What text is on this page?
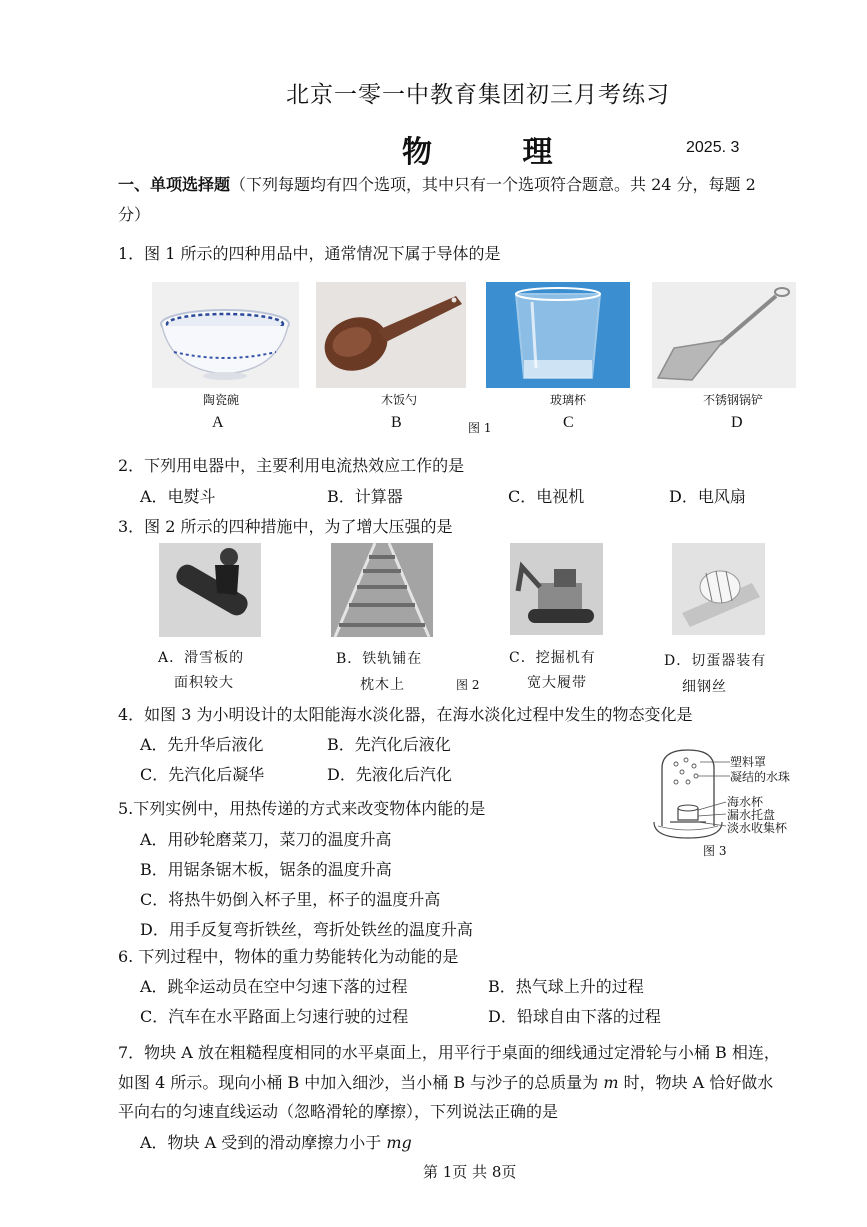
北京一零一中教育集团初三月考练习
物 理	2025. 3
一、单项选择题（下列每题均有四个选项，其中只有一个选项符合题意。共 24 分，每题 2
分）
1．图 1 所示的四种用品中，通常情况下属于导体的是
陶瓷碗	木饭勺	玻璃杯	不锈钢锅铲
A	B	图 1	C	D
2．下列用电器中，主要利用电流热效应工作的是
A．电熨斗	B．计算器	C．电视机	D．电风扇
3．图 2 所示的四种措施中，为了增大压强的是
A．滑雪板的
面积较大
B．铁轨铺在
枕木上	图 2
C．挖掘机有
宽大履带
D．切蛋器装有
细钢丝
4．如图 3 为小明设计的太阳能海水淡化器，在海水淡化过程中发生的物态变化是
A．先升华后液化	B．先汽化后液化
C．先汽化后凝华	D．先液化后汽化
塑料罩
凝结的水珠
海水杯
漏水托盘
淡水收集杯
图 3
5.下列实例中，用热传递的方式来改变物体内能的是
A．用砂轮磨菜刀，菜刀的温度升高
B．用锯条锯木板，锯条的温度升高
C．将热牛奶倒入杯子里，杯子的温度升高
D．用手反复弯折铁丝，弯折处铁丝的温度升高
6. 下列过程中，物体的重力势能转化为动能的是
A．跳伞运动员在空中匀速下落的过程	B．热气球上升的过程
C．汽车在水平路面上匀速行驶的过程	D．铅球自由下落的过程
7．物块 A 放在粗糙程度相同的水平桌面上，用平行于桌面的细线通过定滑轮与小桶 B 相连，
如图 4 所示。现向小桶 B 中加入细沙，当小桶 B 与沙子的总质量为 m 时，物块 A 恰好做水
平向右的匀速直线运动（忽略滑轮的摩擦），下列说法正确的是
A．物块 A 受到的滑动摩擦力小于 mg
第 1页 共 8页
